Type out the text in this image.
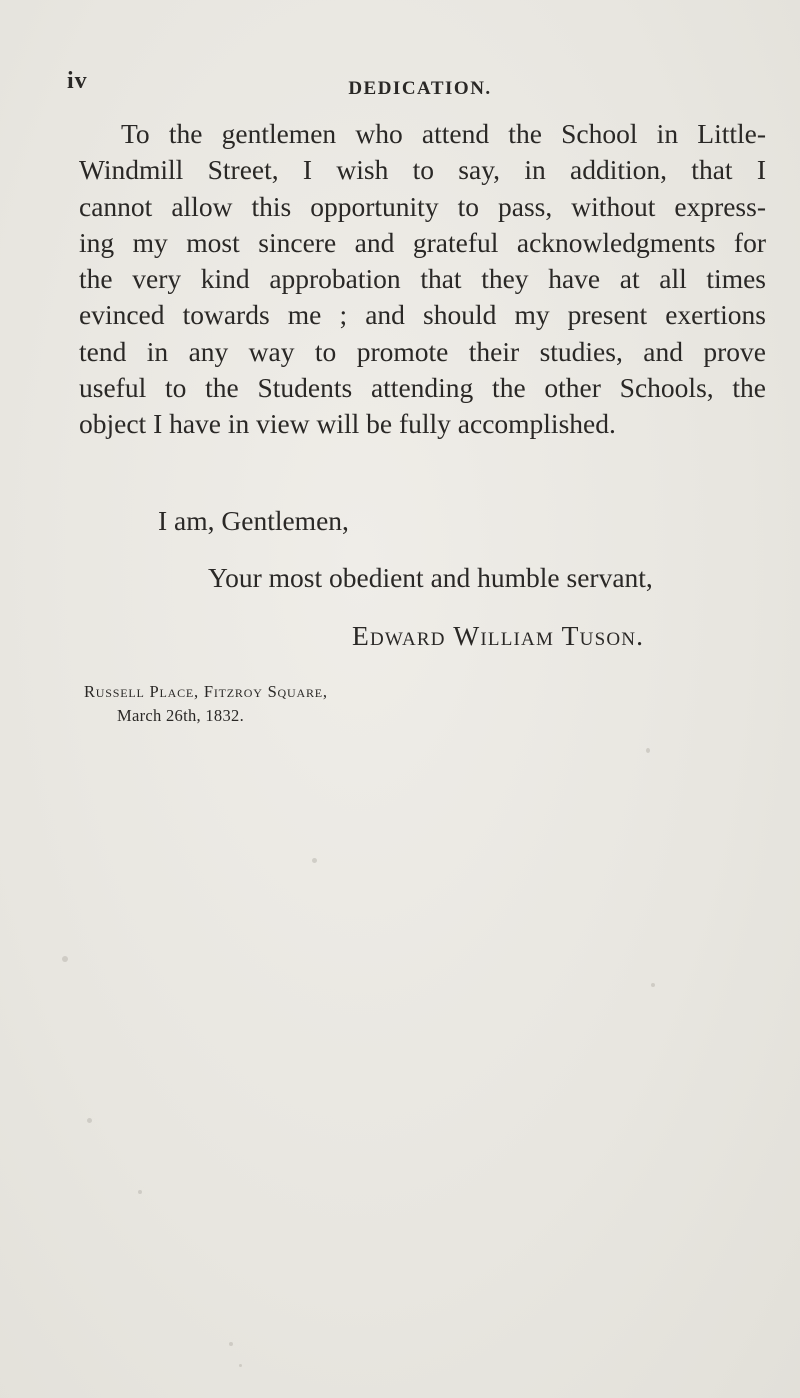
iv	DEDICATION.
To the gentlemen who attend the School in Little-
Windmill Street, I wish to say, in addition, that I
cannot allow this opportunity to pass, without express-
ing my most sincere and grateful acknowledgments for
the very kind approbation that they have at all times
evinced towards me ; and should my present exertions
tend in any way to promote their studies, and prove
useful to the Students attending the other Schools, the
object I have in view will be fully accomplished.
I am, Gentlemen,
Your most obedient and humble servant,
Edward William Tuson.
Russell Place, Fitzroy Square,
March 26th, 1832.
